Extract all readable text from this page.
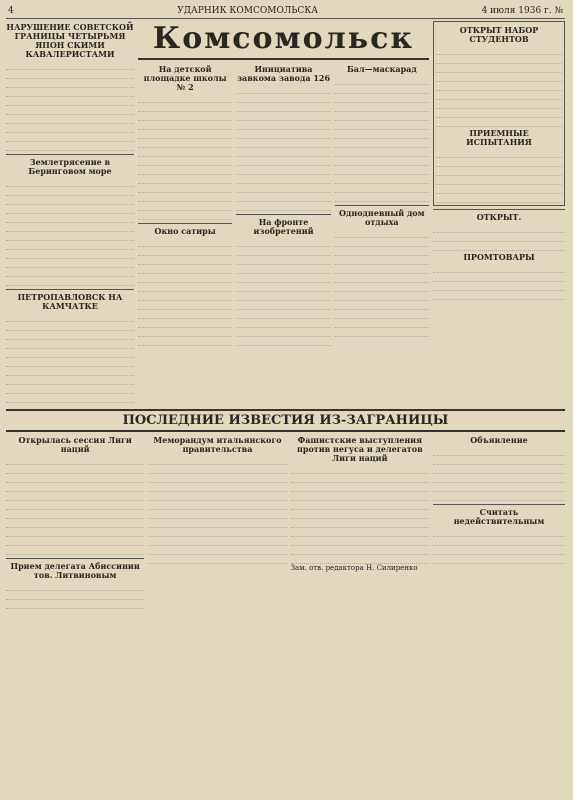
4	УДАРНИК КОМСОМОЛЬСКА	4 июля 1936 г. №
НАРУШЕНИЕ СОВЕТСКОЙ ГРАНИЦЫ ЧЕТЫРЬМЯ ЯПОН СКИМИ КАВАЛЕРИСТАМИ
Землетрясение в Беринговом море
ПЕТРОПАВЛОВСК НА КАМЧАТКЕ
Комсомольск
На детской площадке школы № 2
Окно сатиры
Инициатива завкома завода 126
На фронте изобретений
Бал—маскарад
Однодневный дом отдыха
ОТКРЫТ НАБОР СТУДЕНТОВ
ПРИЕМНЫЕ ИСПЫТАНИЯ
ОТКРЫТ.
ПРОМТОВАРЫ
ПОСЛЕДНИЕ ИЗВЕСТИЯ ИЗ-ЗАГРАНИЦЫ
Открылась сессия Лиги наций
Прием делегата Абиссинии тов. Литвиновым
Меморандум итальянского правительства
Фашистские выступления против негуса и делегатов Лиги наций
Зам. отв. редактора Н. Силиренко
Объявление
Считать недействительным
